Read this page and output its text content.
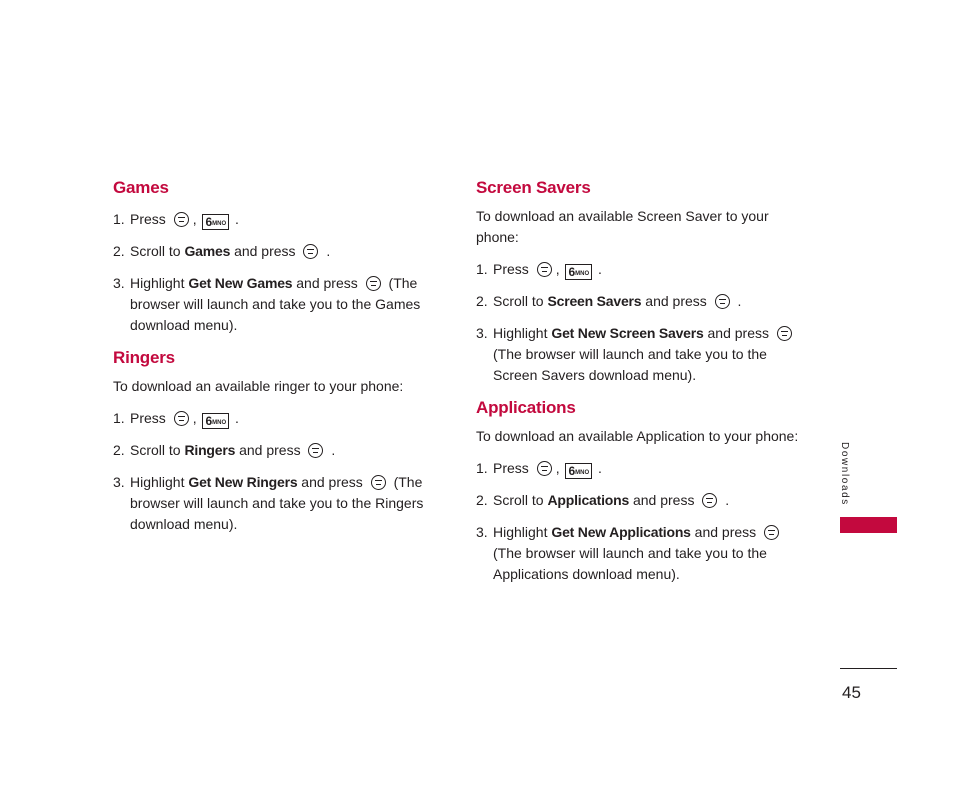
Games
1. Press , 6MNO .
2. Scroll to Games and press .
3. Highlight Get New Games and press (The browser will launch and take you to the Games download menu).
Ringers

To download an available ringer to your phone:

1. Press , 6MNO .
2. Scroll to Ringers and press .
3. Highlight Get New Ringers and press (The browser will launch and take you to the Ringers download menu).
Screen Savers

To download an available Screen Saver to your phone:

1. Press , 6MNO .
2. Scroll to Screen Savers and press .
3. Highlight Get New Screen Savers and press  (The browser will launch and take you to the Screen Savers download menu).
Applications

To download an available Application to your phone:

1. Press , 6MNO .
2. Scroll to Applications and press .
3. Highlight Get New Applications and press  (The browser will launch and take you to the Applications download menu).
Downloads
45
